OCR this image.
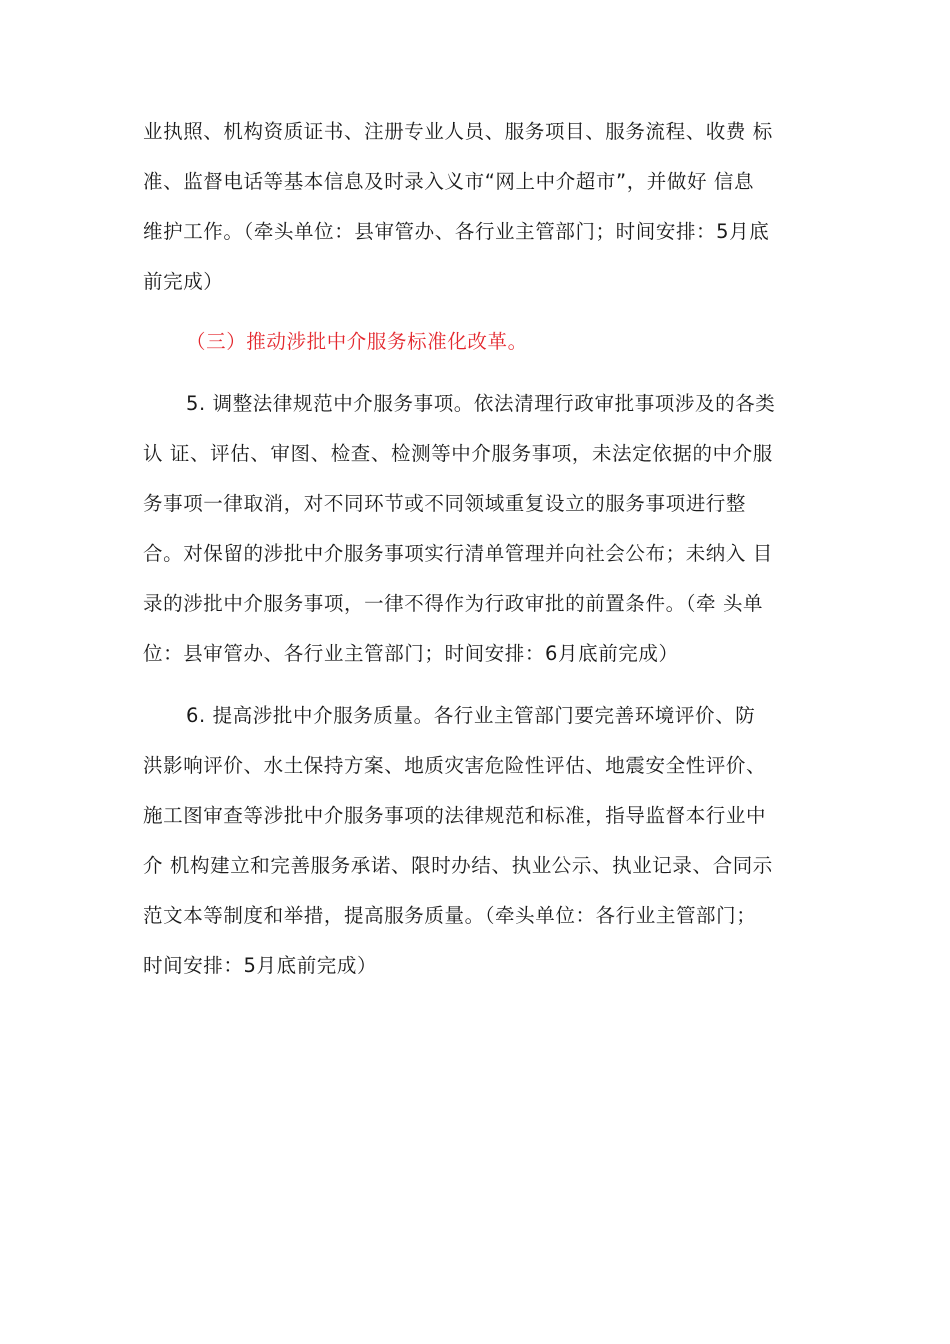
业执照、机构资质证书、注册专业人员、服务项目、服务流程、收费 标
准、监督电话等基本信息及时录入义市“网上中介超市”，并做好 信息
维护工作。（牵头单位：县审管办、各行业主管部门；时间安排：5月底
前完成）
（三）推动涉批中介服务标准化改革。
5. 调整法律规范中介服务事项。依法清理行政审批事项涉及的各类
认 证、评估、审图、检查、检测等中介服务事项，未法定依据的中介服
务事项一律取消，对不同环节或不同领域重复设立的服务事项进行整
合。对保留的涉批中介服务事项实行清单管理并向社会公布；未纳入 目
录的涉批中介服务事项，一律不得作为行政审批的前置条件。（牵 头单
位：县审管办、各行业主管部门；时间安排：6月底前完成）
6. 提高涉批中介服务质量。各行业主管部门要完善环境评价、防
洪影响评价、水土保持方案、地质灾害危险性评估、地震安全性评价、
施工图审查等涉批中介服务事项的法律规范和标准，指导监督本行业中
介 机构建立和完善服务承诺、限时办结、执业公示、执业记录、合同示
范文本等制度和举措，提高服务质量。（牵头单位：各行业主管部门；
时间安排：5月底前完成）
